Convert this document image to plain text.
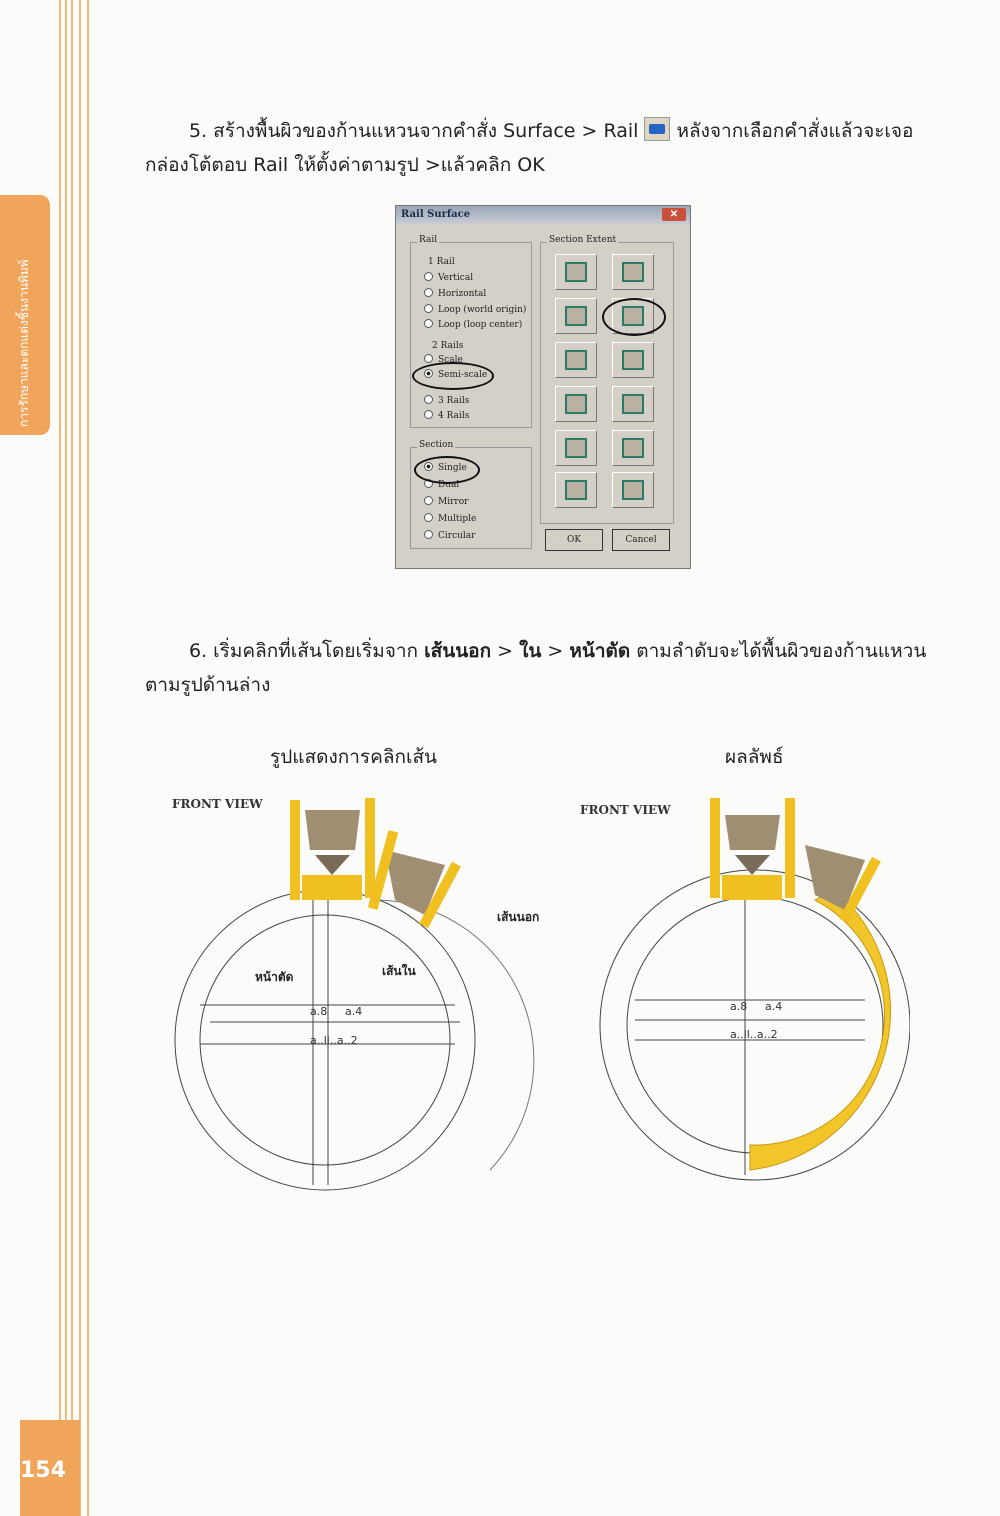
การรักษาและตกแต่งชิ้นงานพิมพ์
154
5. สร้างพื้นผิวของก้านแหวนจากคำสั่ง Surface > Rail หลังจากเลือกคำสั่งแล้วจะเจอกล่องโต้ตอบ Rail ให้ตั้งค่าตามรูป >แล้วคลิก OK
Rail Surface	✕
Rail
1 Rail
Vertical
Horizontal
Loop (world origin)
Loop (loop center)
2 Rails
Scale
Semi-scale
3 Rails
4 Rails
Section
Single
Dual
Mirror
Multiple
Circular
Section Extent
OK	Cancel
6. เริ่มคลิกที่เส้นโดยเริ่มจาก เส้นนอก > ใน > หน้าตัด ตามลำดับจะได้พื้นผิวของก้านแหวนตามรูปด้านล่าง
รูปแสดงการคลิกเส้น	ผลลัพธ์
FRONT VIEW
a.8 a.4
a..ll..a..2
หน้าตัด	เส้นใน
เส้นนอก
FRONT VIEW
a.8 a.4
a..ll..a..2
